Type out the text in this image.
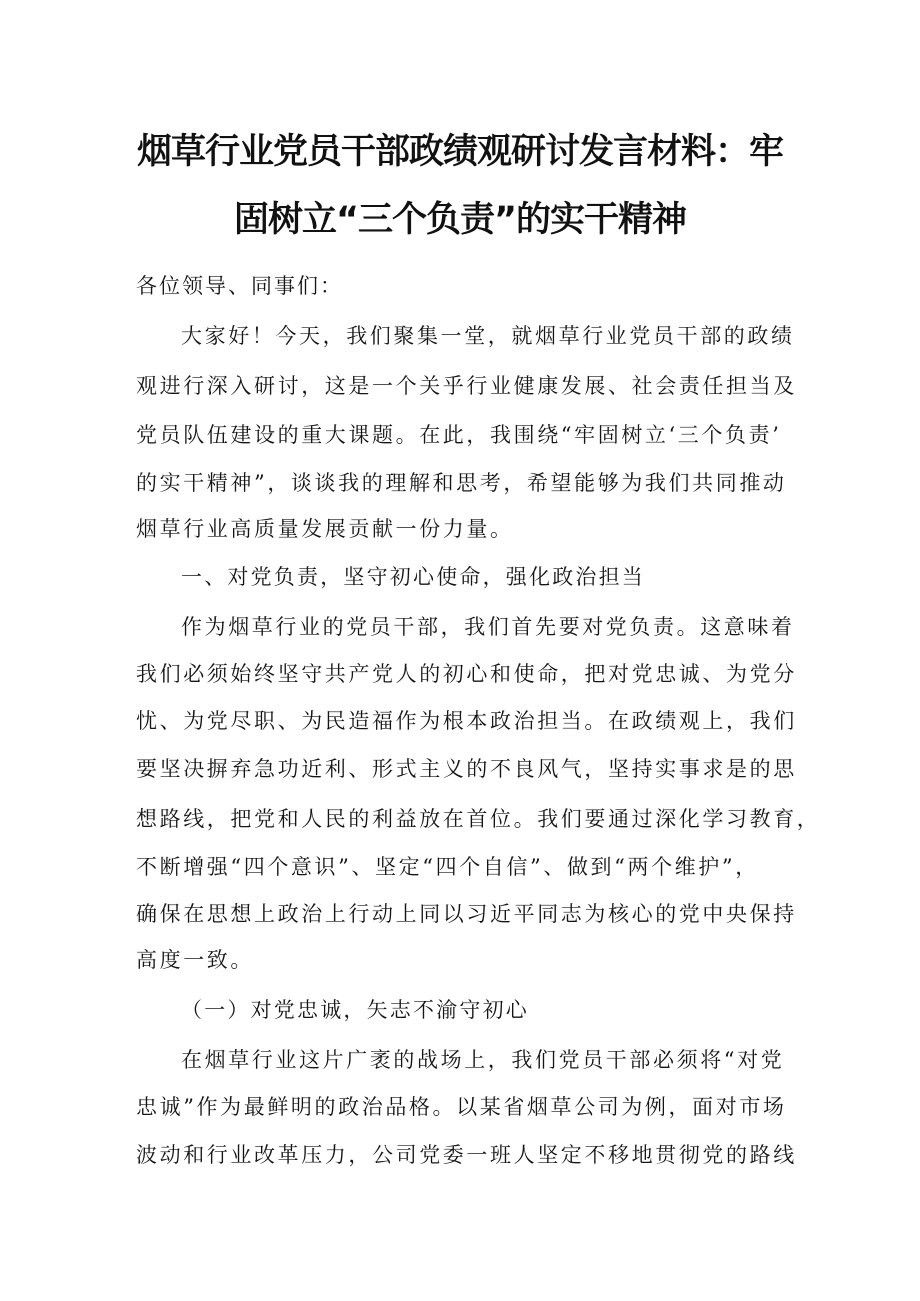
烟草行业党员干部政绩观研讨发言材料：牢
固树立“三个负责”的实干精神

各位领导、同事们：

大家好！今天，我们聚集一堂，就烟草行业党员干部的政绩

观进行深入研讨，这是一个关乎行业健康发展、社会责任担当及

党员队伍建设的重大课题。在此，我围绕“牢固树立‘三个负责’

的实干精神”，谈谈我的理解和思考，希望能够为我们共同推动

烟草行业高质量发展贡献一份力量。

一、对党负责，坚守初心使命，强化政治担当

作为烟草行业的党员干部，我们首先要对党负责。这意味着

我们必须始终坚守共产党人的初心和使命，把对党忠诚、为党分

忧、为党尽职、为民造福作为根本政治担当。在政绩观上，我们

要坚决摒弃急功近利、形式主义的不良风气，坚持实事求是的思

想路线，把党和人民的利益放在首位。我们要通过深化学习教育，

不断增强“四个意识”、坚定“四个自信”、做到“两个维护”，

确保在思想上政治上行动上同以习近平同志为核心的党中央保持

高度一致。

（一）对党忠诚，矢志不渝守初心

在烟草行业这片广袤的战场上，我们党员干部必须将“对党

忠诚”作为最鲜明的政治品格。以某省烟草公司为例，面对市场

波动和行业改革压力，公司党委一班人坚定不移地贯彻党的路线
